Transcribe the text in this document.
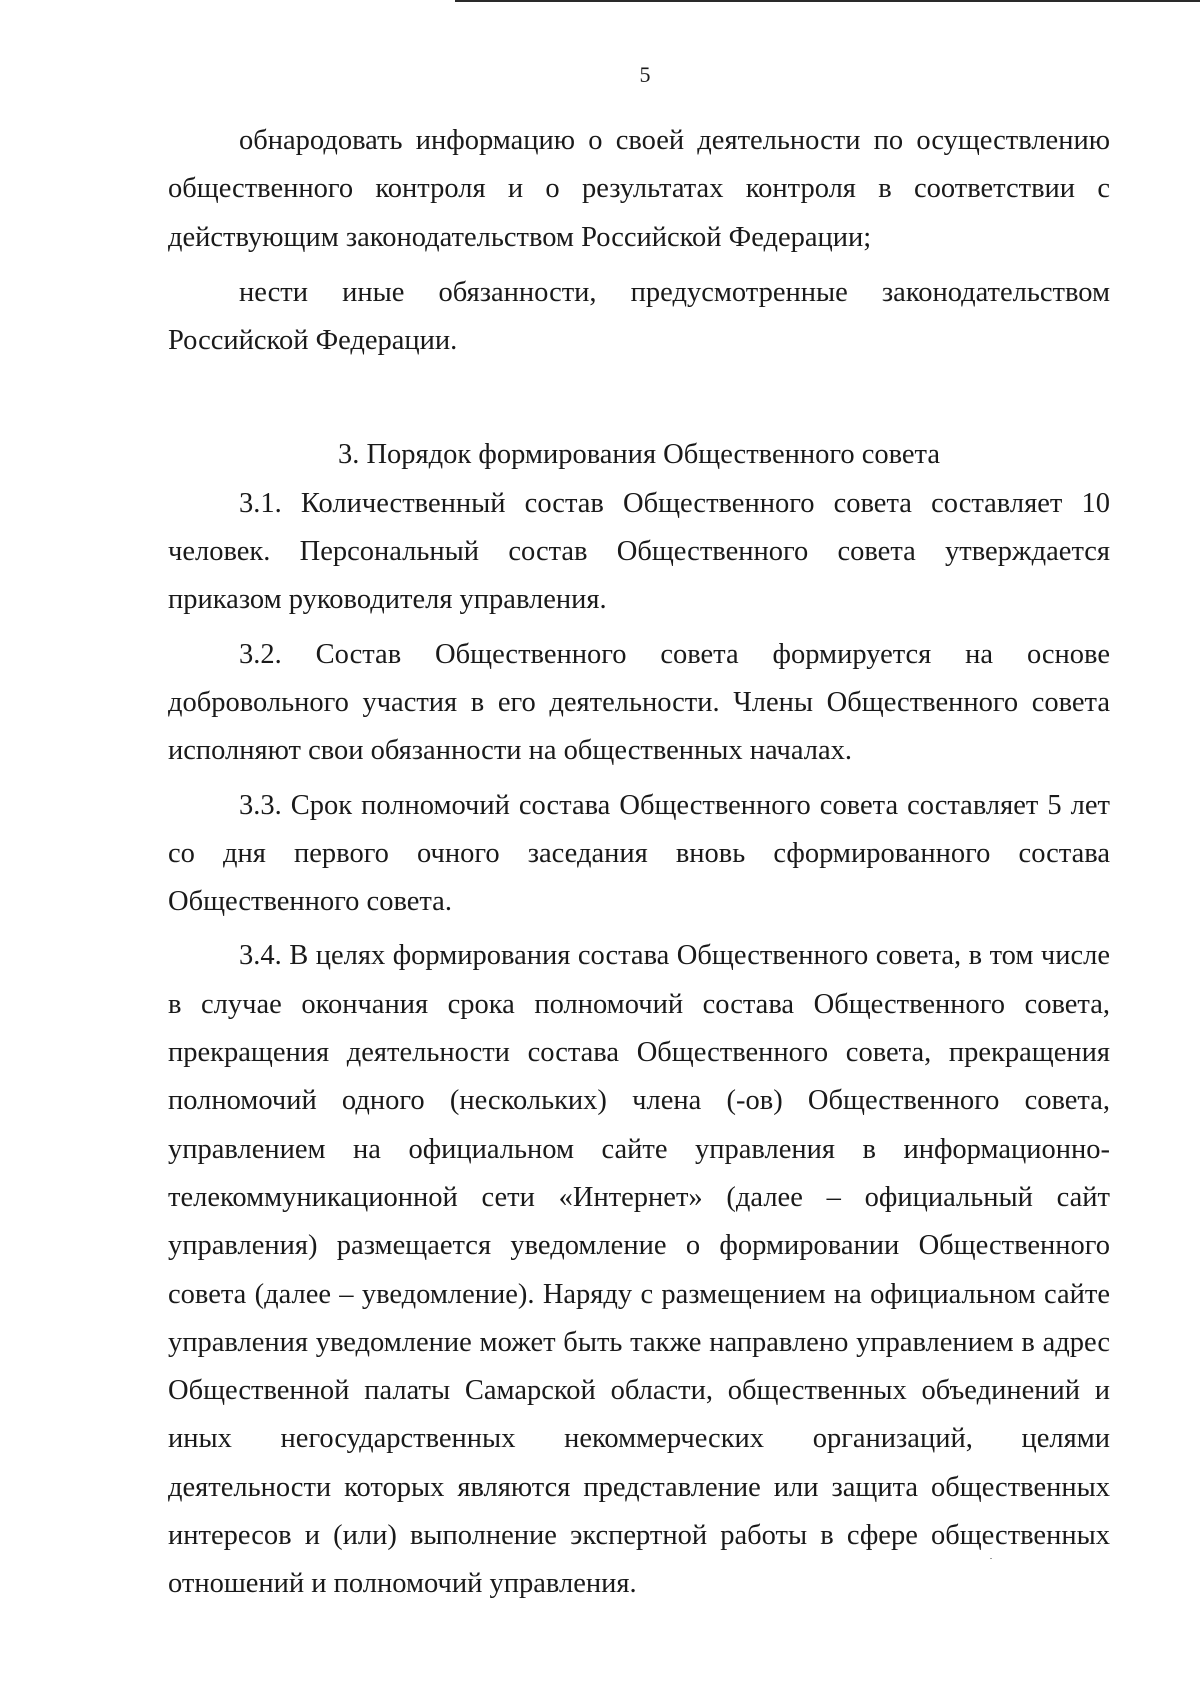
5

обнародовать информацию о своей деятельности по осуществлению общественного контроля и о результатах контроля в соответствии с действующим законодательством Российской Федерации;

нести иные обязанности, предусмотренные законодательством Российской Федерации.

3. Порядок формирования Общественного совета

3.1. Количественный состав Общественного совета составляет 10 человек. Персональный состав Общественного совета утверждается приказом руководителя управления.

3.2. Состав Общественного совета формируется на основе добровольного участия в его деятельности. Члены Общественного совета исполняют свои обязанности на общественных началах.

3.3. Срок полномочий состава Общественного совета составляет 5 лет со дня первого очного заседания вновь сформированного состава Общественного совета.

3.4. В целях формирования состава Общественного совета, в том числе в случае окончания срока полномочий состава Общественного совета, прекращения деятельности состава Общественного совета, прекращения полномочий одного (нескольких) члена (-ов) Общественного совета, управлением на официальном сайте управления в информационно-телекоммуникационной сети «Интернет» (далее – официальный сайт управления) размещается уведомление о формировании Общественного совета (далее – уведомление). Наряду с размещением на официальном сайте управления уведомление может быть также направлено управлением в адрес Общественной палаты Самарской области, общественных объединений и иных негосударственных некоммерческих организаций, целями деятельности которых являются представление или защита общественных интересов и (или) выполнение экспертной работы в сфере общественных отношений и полномочий управления.
